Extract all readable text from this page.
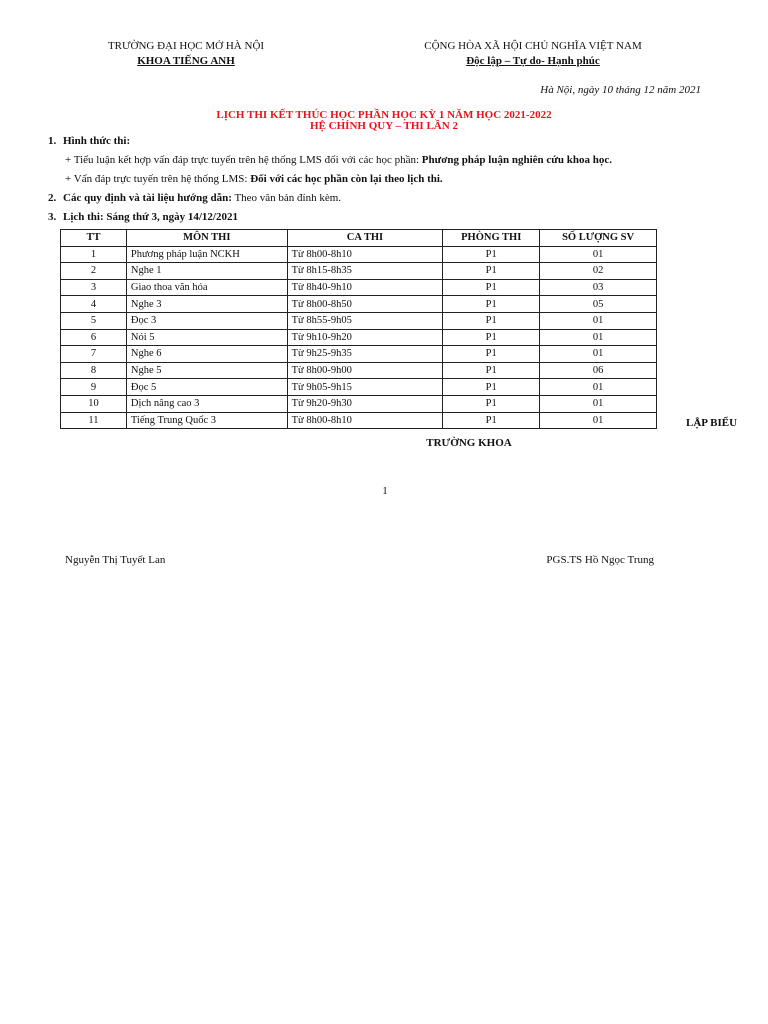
TRƯỜNG ĐẠI HỌC MỞ HÀ NỘI
KHOA TIẾNG ANH
CỘNG HÒA XÃ HỘI CHỦ NGHĨA VIỆT NAM
Độc lập – Tự do- Hạnh phúc
Hà Nội, ngày 10 tháng 12 năm 2021
LỊCH THI KẾT THÚC HỌC PHẦN HỌC KỲ 1 NĂM HỌC 2021-2022
HỆ CHÍNH QUY – THI LẦN 2
1. Hình thức thi:
+ Tiểu luận kết hợp vấn đáp trực tuyến trên hệ thống LMS đối với các học phần: Phương pháp luận nghiên cứu khoa học.
+ Vấn đáp trực tuyến trên hệ thống LMS: Đối với các học phần còn lại theo lịch thi.
2. Các quy định và tài liệu hướng dẫn: Theo văn bản đính kèm.
3. Lịch thi: Sáng thứ 3, ngày 14/12/2021
TT	MÔN THI	CA THI	PHÒNG THI	SỐ LƯỢNG SV
1	Phương pháp luận NCKH	Từ 8h00-8h10	P1	01
2	Nghe 1	Từ 8h15-8h35	P1	02
3	Giao thoa văn hóa	Từ 8h40-9h10	P1	03
4	Nghe 3	Từ 8h00-8h50	P1	05
5	Đọc 3	Từ 8h55-9h05	P1	01
6	Nói 5	Từ 9h10-9h20	P1	01
7	Nghe 6	Từ 9h25-9h35	P1	01
8	Nghe 5	Từ 8h00-9h00	P1	06
9	Đọc 5	Từ 9h05-9h15	P1	01
10	Dịch nâng cao 3	Từ 9h20-9h30	P1	01
11	Tiếng Trung Quốc 3	Từ 8h00-8h10	P1	01	LẬP BIỂU
TRƯỜNG KHOA
1
Nguyễn Thị Tuyết Lan	PGS.TS Hồ Ngọc Trung
